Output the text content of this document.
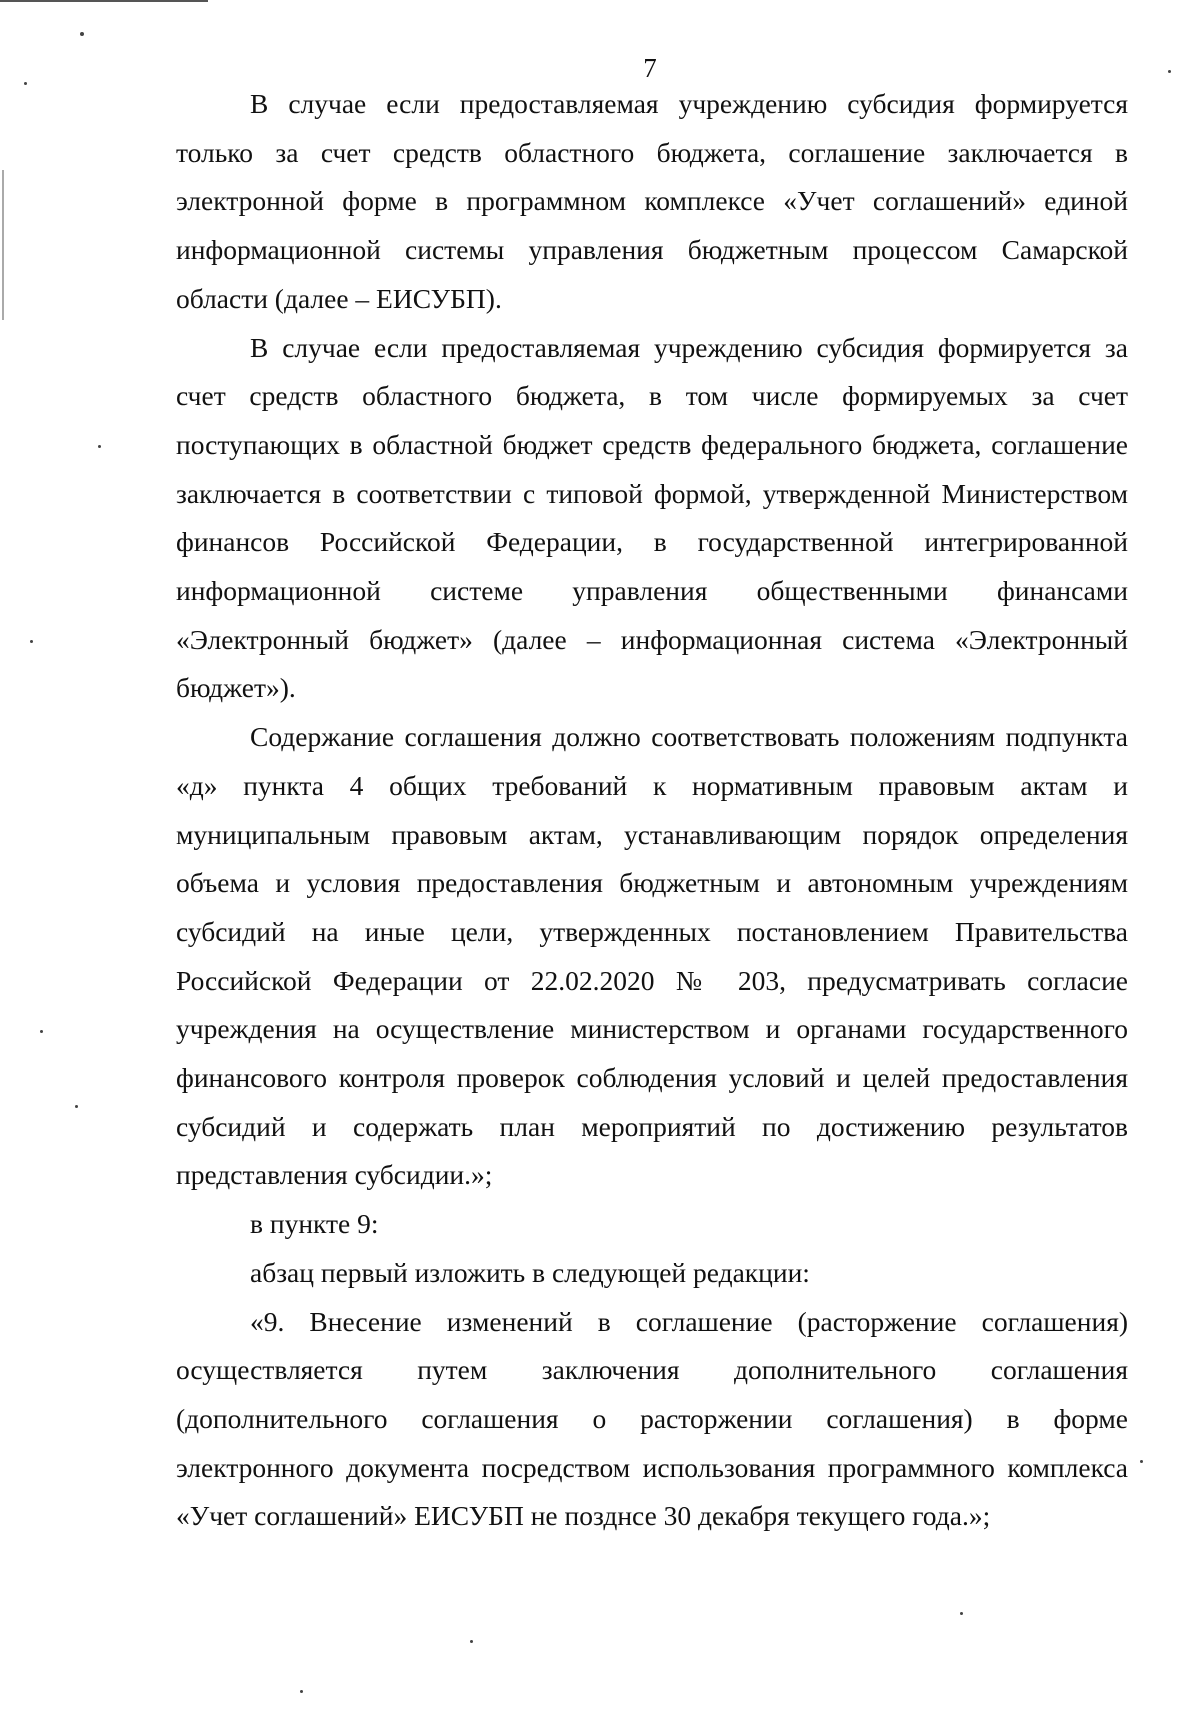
7

В случае если предоставляемая учреждению субсидия формируется только за счет средств областного бюджета, соглашение заключается в электронной форме в программном комплексе «Учет соглашений» единой информационной системы управления бюджетным процессом Самарской области (далее – ЕИСУБП).

В случае если предоставляемая учреждению субсидия формируется за счет средств областного бюджета, в том числе формируемых за счет поступающих в областной бюджет средств федерального бюджета, соглашение заключается в соответствии с типовой формой, утвержденной Министерством финансов Российской Федерации, в государственной интегрированной информационной системе управления общественными финансами «Электронный бюджет» (далее – информационная система «Электронный бюджет»).

Содержание соглашения должно соответствовать положениям подпункта «д» пункта 4 общих требований к нормативным правовым актам и муниципальным правовым актам, устанавливающим порядок определения объема и условия предоставления бюджетным и автономным учреждениям субсидий на иные цели, утвержденных постановлением Правительства Российской Федерации от 22.02.2020 № 203, предусматривать согласие учреждения на осуществление министерством и органами государственного финансового контроля проверок соблюдения условий и целей предоставления субсидий и содержать план мероприятий по достижению результатов представления субсидии.»;

в пункте 9:

абзац первый изложить в следующей редакции:

«9. Внесение изменений в соглашение (расторжение соглашения) осуществляется путем заключения дополнительного соглашения (дополнительного соглашения о расторжении соглашения) в форме электронного документа посредством использования программного комплекса «Учет соглашений» ЕИСУБП не позднсе 30 декабря текущего года.»;
